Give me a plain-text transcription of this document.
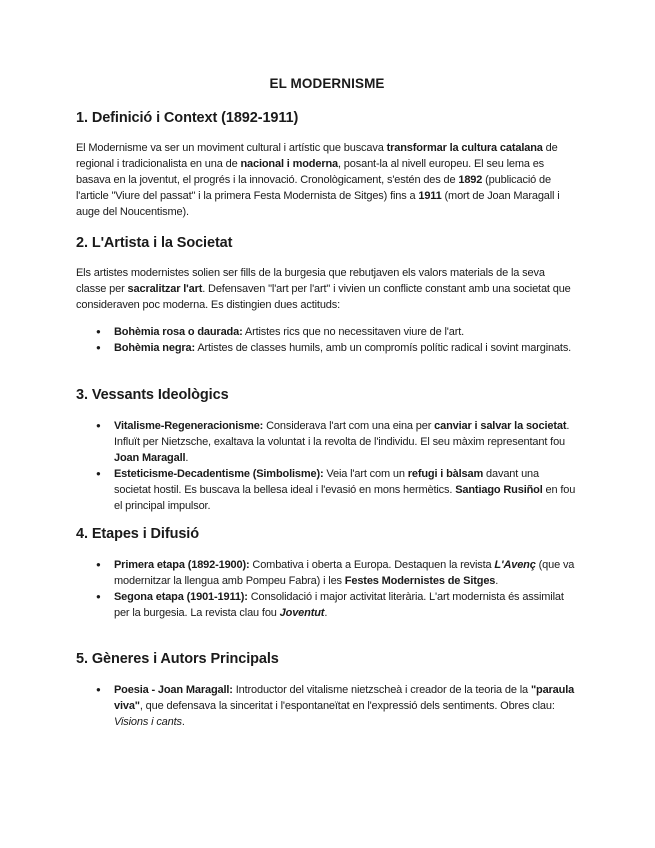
EL MODERNISME
1. Definició i Context (1892-1911)

El Modernisme va ser un moviment cultural i artístic que buscava transformar la cultura catalana de regional i tradicionalista en una de nacional i moderna, posant-la al nivell europeu. El seu lema es basava en la joventut, el progrés i la innovació. Cronològicament, s'estén des de 1892 (publicació de l'article "Viure del passat" i la primera Festa Modernista de Sitges) fins a 1911 (mort de Joan Maragall i auge del Noucentisme).

2. L'Artista i la Societat

Els artistes modernistes solien ser fills de la burgesia que rebutjaven els valors materials de la seva classe per sacralitzar l'art. Defensaven "l'art per l'art" i vivien un conflicte constant amb una societat que consideraven poc moderna. Es distingien dues actituds:

● Bohèmia rosa o daurada: Artistes rics que no necessitaven viure de l'art.
● Bohèmia negra: Artistes de classes humils, amb un compromís polític radical i sovint marginats.
3. Vessants Ideològics
● Vitalisme-Regeneracionisme: Considerava l'art com una eina per canviar i salvar la societat. Influït per Nietzsche, exaltava la voluntat i la revolta de l'individu. El seu màxim representant fou Joan Maragall.
● Esteticisme-Decadentisme (Simbolisme): Veia l'art com un refugi i bàlsam davant una societat hostil. Es buscava la bellesa ideal i l'evasió en mons hermètics. Santiago Rusiñol en fou el principal impulsor.
4. Etapes i Difusió
● Primera etapa (1892-1900): Combativa i oberta a Europa. Destaquen la revista L'Avenç (que va modernitzar la llengua amb Pompeu Fabra) i les Festes Modernistes de Sitges.
● Segona etapa (1901-1911): Consolidació i major activitat literària. L'art modernista és assimilat per la burgesia. La revista clau fou Joventut.
5. Gèneres i Autors Principals
● Poesia - Joan Maragall: Introductor del vitalisme nietzscheà i creador de la teoria de la "paraula viva", que defensava la sinceritat i l'espontaneïtat en l'expressió dels sentiments. Obres clau: Visions i cants.
